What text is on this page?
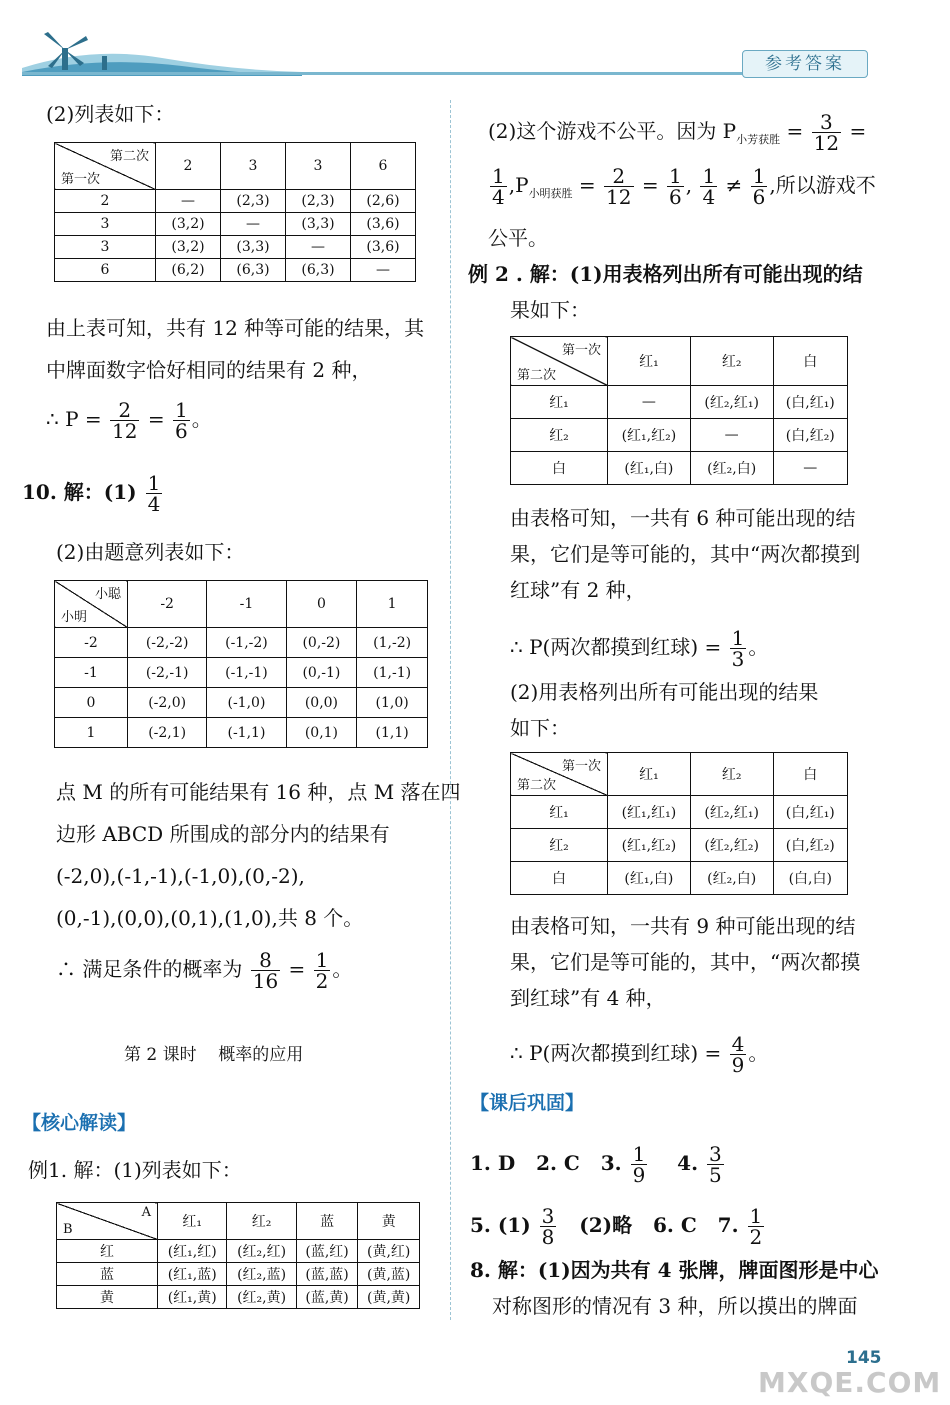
参考答案
(2)列表如下：
第二次
第一次	2	3	3	6
2	—	(2,3)	(2,3)	(2,6)
3	(3,2)	—	(3,3)	(3,6)
3	(3,2)	(3,3)	—	(3,6)
6	(6,2)	(6,3)	(6,3)	—
由上表可知，共有 12 种等可能的结果，其
中牌面数字恰好相同的结果有 2 种，
∴ $P = \frac{2}{12} = \frac{1}{6}$ 。
10. 解：$(1) \frac{1}{4}$
(2)由题意列表如下：
小聪
小明	-2	-1	0	1
-2	(-2,-2)	(-1,-2)	(0,-2)	(1,-2)
-1	(-2,-1)	(-1,-1)	(0,-1)	(1,-1)
0	(-2,0)	(-1,0)	(0,0)	(1,0)
1	(-2,1)	(-1,1)	(0,1)	(1,1)
点 M 的所有可能结果有 16 种，点 M 落在四
边形 ABCD 所围成的部分内的结果有
(-2,0),(-1,-1),(-1,0),(0,-2),
(0,-1),(0,0),(0,1),(1,0),共 8 个。
∴ 满足条件的概率为 $\frac{8}{16} = \frac{1}{2}$ 。
第 2 课时    概率的应用
【核心解读】
例1. 解：(1)列表如下：
A
B	红₁	红₂	蓝	黄
红	(红₁,红)	(红₂,红)	(蓝,红)	(黄,红)
蓝	(红₁,蓝)	(红₂,蓝)	(蓝,蓝)	(黄,蓝)
黄	(红₁,黄)	(红₂,黄)	(蓝,黄)	(黄,黄)
(2)这个游戏不公平。因为 $P_{小芳获胜} = \frac{3}{12}$ =
$\frac{1}{4} ,P_{小明获胜} = \frac{2}{12} = \frac{1}{6}$ , $\frac{1}{4} \ne \frac{1}{6}$ ,所以游戏不
公平。
例 2 . 解：(1)用表格列出所有可能出现的结
果如下：
第一次
第二次	红₁	红₂	白
红₁	—	(红₂,红₁)	(白,红₁)
红₂	(红₁,红₂)	—	(白,红₂)
白	(红₁,白)	(红₂,白)	—
由表格可知，一共有 6 种可能出现的结
果，它们是等可能的，其中“两次都摸到
红球”有 2 种，
∴ P(两次都摸到红球) = $\frac{1}{3}$ 。
(2)用表格列出所有可能出现的结果
如下：
第一次
第二次	红₁	红₂	白
红₁	(红₁,红₁)	(红₂,红₁)	(白,红₁)
红₂	(红₁,红₂)	(红₂,红₂)	(白,红₂)
白	(红₁,白)	(红₂,白)	(白,白)
由表格可知，一共有 9 种可能出现的结
果，它们是等可能的，其中，“两次都摸
到红球”有 4 种，
∴ P(两次都摸到红球) = $\frac{4}{9}$ 。
【课后巩固】
1. D   2. C   3. $\frac{1}{9} 4$. $\frac{3}{5}$
5. $(1) \frac{3}{8} (2)$略   6. C   7. $\frac{1}{2}$
8. 解：(1)因为共有 4 张牌，牌面图形是中心
对称图形的情况有 3 种，所以摸出的牌面
145
MXQE.COM
